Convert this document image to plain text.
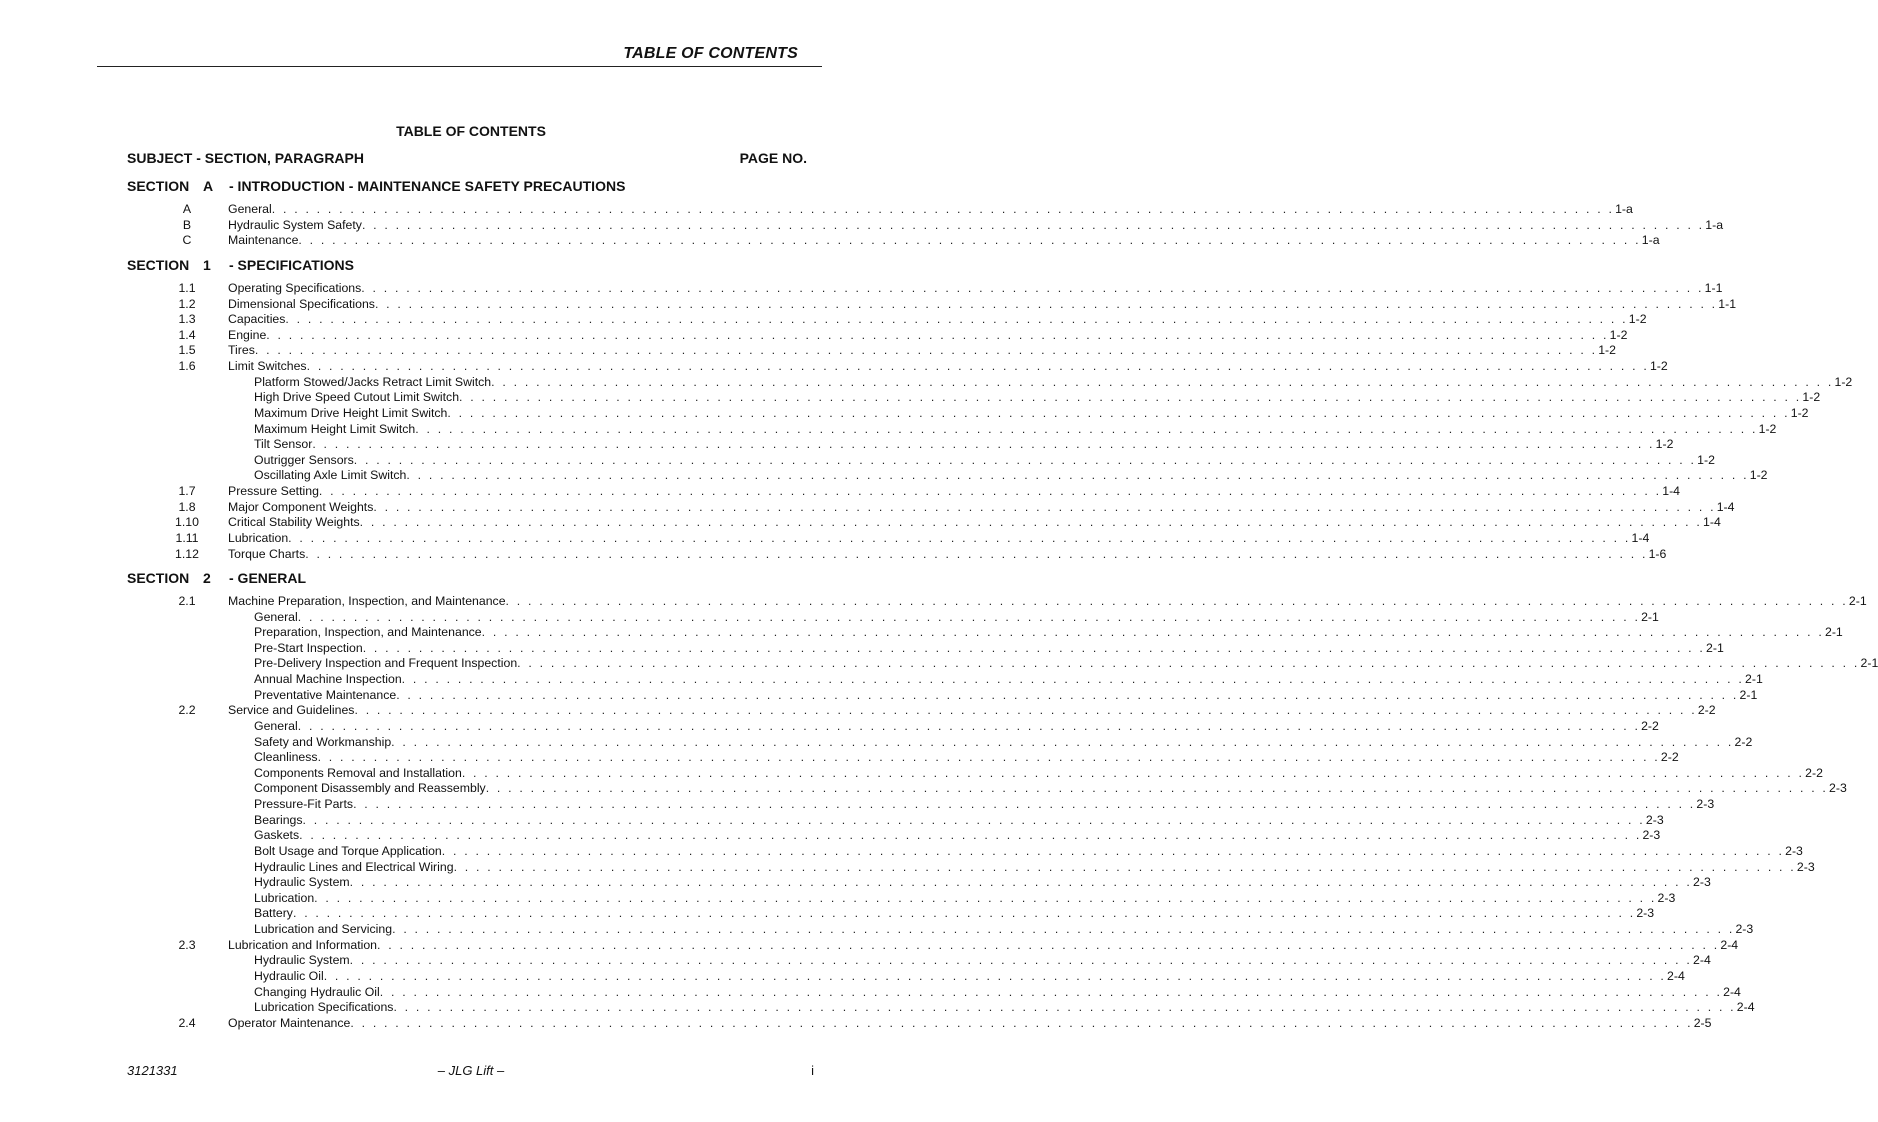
TABLE OF CONTENTS
TABLE OF CONTENTS
SUBJECT - SECTION, PARAGRAPH	PAGE NO.
SECTION A - INTRODUCTION - MAINTENANCE SAFETY PRECAUTIONS
A	General . . . . . . . . . . . . . . . . . . . . . . . . . . . . . . . . . . . . . . . . . . . . . . . . . . . . . . . . . . . . . . . . . . . . . . . . . . . . . . . . . . . . . . . . . . . . . . . . . . . . . . . . . . . . . . . . . . . . . . . . 1-a
B	Hydraulic System Safety . . . . . . . . . . . . . . . . . . . . . . . . . . . . . . . . . . . . . . . . . . . . . . . . . . . . . . . . . . . . . . . . . . . . . . . . . . . . . . . . . . . . . . . . . . . . . . . . . . . . . . . . . . . . . . . . . . . . . . . . 1-a
C	Maintenance . . . . . . . . . . . . . . . . . . . . . . . . . . . . . . . . . . . . . . . . . . . . . . . . . . . . . . . . . . . . . . . . . . . . . . . . . . . . . . . . . . . . . . . . . . . . . . . . . . . . . . . . . . . . . . . . . . . . . . . . 1-a
SECTION 1 - SPECIFICATIONS
1.1	Operating Specifications . . . . . . . . . . . . . . . . . . . . . . . . . . . . . . . . . . . . . . . . . . . . . . . . . . . . . . . . . . . . . . . . . . . . . . . . . . . . . . . . . . . . . . . . . . . . . . . . . . . . . . . . . . . . . . . . . . . . . . . . 1-1
1.2	Dimensional Specifications . . . . . . . . . . . . . . . . . . . . . . . . . . . . . . . . . . . . . . . . . . . . . . . . . . . . . . . . . . . . . . . . . . . . . . . . . . . . . . . . . . . . . . . . . . . . . . . . . . . . . . . . . . . . . . . . . . . . . . . . 1-1
1.3	Capacities . . . . . . . . . . . . . . . . . . . . . . . . . . . . . . . . . . . . . . . . . . . . . . . . . . . . . . . . . . . . . . . . . . . . . . . . . . . . . . . . . . . . . . . . . . . . . . . . . . . . . . . . . . . . . . . . . . . . . . . . 1-2
1.4	Engine . . . . . . . . . . . . . . . . . . . . . . . . . . . . . . . . . . . . . . . . . . . . . . . . . . . . . . . . . . . . . . . . . . . . . . . . . . . . . . . . . . . . . . . . . . . . . . . . . . . . . . . . . . . . . . . . . . . . . . . . 1-2
1.5	Tires . . . . . . . . . . . . . . . . . . . . . . . . . . . . . . . . . . . . . . . . . . . . . . . . . . . . . . . . . . . . . . . . . . . . . . . . . . . . . . . . . . . . . . . . . . . . . . . . . . . . . . . . . . . . . . . . . . . . . . . . 1-2
1.6	Limit Switches . . . . . . . . . . . . . . . . . . . . . . . . . . . . . . . . . . . . . . . . . . . . . . . . . . . . . . . . . . . . . . . . . . . . . . . . . . . . . . . . . . . . . . . . . . . . . . . . . . . . . . . . . . . . . . . . . . . . . . . . 1-2
Platform Stowed/Jacks Retract Limit Switch . . . . . . . . . . . . . . . . . . . . . . . . . . . . . . . . . . . . . . . . . . . . . . . . . . . . . . . . . . . . . . . . . . . . . . . . . . . . . . . . . . . . . . . . . . . . . . . . . . . . . . . . . . . . . . . . . . . . . . . . 1-2
High Drive Speed Cutout Limit Switch . . . . . . . . . . . . . . . . . . . . . . . . . . . . . . . . . . . . . . . . . . . . . . . . . . . . . . . . . . . . . . . . . . . . . . . . . . . . . . . . . . . . . . . . . . . . . . . . . . . . . . . . . . . . . . . . . . . . . . . . 1-2
Maximum Drive Height Limit Switch . . . . . . . . . . . . . . . . . . . . . . . . . . . . . . . . . . . . . . . . . . . . . . . . . . . . . . . . . . . . . . . . . . . . . . . . . . . . . . . . . . . . . . . . . . . . . . . . . . . . . . . . . . . . . . . . . . . . . . . . 1-2
Maximum Height Limit Switch . . . . . . . . . . . . . . . . . . . . . . . . . . . . . . . . . . . . . . . . . . . . . . . . . . . . . . . . . . . . . . . . . . . . . . . . . . . . . . . . . . . . . . . . . . . . . . . . . . . . . . . . . . . . . . . . . . . . . . . . 1-2
Tilt Sensor . . . . . . . . . . . . . . . . . . . . . . . . . . . . . . . . . . . . . . . . . . . . . . . . . . . . . . . . . . . . . . . . . . . . . . . . . . . . . . . . . . . . . . . . . . . . . . . . . . . . . . . . . . . . . . . . . . . . . . . . 1-2
Outrigger Sensors . . . . . . . . . . . . . . . . . . . . . . . . . . . . . . . . . . . . . . . . . . . . . . . . . . . . . . . . . . . . . . . . . . . . . . . . . . . . . . . . . . . . . . . . . . . . . . . . . . . . . . . . . . . . . . . . . . . . . . . . 1-2
Oscillating Axle Limit Switch . . . . . . . . . . . . . . . . . . . . . . . . . . . . . . . . . . . . . . . . . . . . . . . . . . . . . . . . . . . . . . . . . . . . . . . . . . . . . . . . . . . . . . . . . . . . . . . . . . . . . . . . . . . . . . . . . . . . . . . . 1-2
1.7	Pressure Setting . . . . . . . . . . . . . . . . . . . . . . . . . . . . . . . . . . . . . . . . . . . . . . . . . . . . . . . . . . . . . . . . . . . . . . . . . . . . . . . . . . . . . . . . . . . . . . . . . . . . . . . . . . . . . . . . . . . . . . . . 1-4
1.8	Major Component Weights . . . . . . . . . . . . . . . . . . . . . . . . . . . . . . . . . . . . . . . . . . . . . . . . . . . . . . . . . . . . . . . . . . . . . . . . . . . . . . . . . . . . . . . . . . . . . . . . . . . . . . . . . . . . . . . . . . . . . . . . 1-4
1.10	Critical Stability Weights . . . . . . . . . . . . . . . . . . . . . . . . . . . . . . . . . . . . . . . . . . . . . . . . . . . . . . . . . . . . . . . . . . . . . . . . . . . . . . . . . . . . . . . . . . . . . . . . . . . . . . . . . . . . . . . . . . . . . . . . 1-4
1.11	Lubrication . . . . . . . . . . . . . . . . . . . . . . . . . . . . . . . . . . . . . . . . . . . . . . . . . . . . . . . . . . . . . . . . . . . . . . . . . . . . . . . . . . . . . . . . . . . . . . . . . . . . . . . . . . . . . . . . . . . . . . . . 1-4
1.12	Torque Charts . . . . . . . . . . . . . . . . . . . . . . . . . . . . . . . . . . . . . . . . . . . . . . . . . . . . . . . . . . . . . . . . . . . . . . . . . . . . . . . . . . . . . . . . . . . . . . . . . . . . . . . . . . . . . . . . . . . . . . . . 1-6
SECTION 2 - GENERAL
2.1	Machine Preparation, Inspection, and Maintenance . . . . . . . . . . . . . . . . . . . . . . . . . . . . . . . . . . . . . . . . . . . . . . . . . . . . . . . . . . . . . . . . . . . . . . . . . . . . . . . . . . . . . . . . . . . . . . . . . . . . . . . . . . . . . . . . . . . . . . . . 2-1
General . . . . . . . . . . . . . . . . . . . . . . . . . . . . . . . . . . . . . . . . . . . . . . . . . . . . . . . . . . . . . . . . . . . . . . . . . . . . . . . . . . . . . . . . . . . . . . . . . . . . . . . . . . . . . . . . . . . . . . . . 2-1
Preparation, Inspection, and Maintenance . . . . . . . . . . . . . . . . . . . . . . . . . . . . . . . . . . . . . . . . . . . . . . . . . . . . . . . . . . . . . . . . . . . . . . . . . . . . . . . . . . . . . . . . . . . . . . . . . . . . . . . . . . . . . . . . . . . . . . . . 2-1
Pre-Start Inspection . . . . . . . . . . . . . . . . . . . . . . . . . . . . . . . . . . . . . . . . . . . . . . . . . . . . . . . . . . . . . . . . . . . . . . . . . . . . . . . . . . . . . . . . . . . . . . . . . . . . . . . . . . . . . . . . . . . . . . . . 2-1
Pre-Delivery Inspection and Frequent Inspection . . . . . . . . . . . . . . . . . . . . . . . . . . . . . . . . . . . . . . . . . . . . . . . . . . . . . . . . . . . . . . . . . . . . . . . . . . . . . . . . . . . . . . . . . . . . . . . . . . . . . . . . . . . . . . . . . . . . . . . . 2-1
Annual Machine Inspection . . . . . . . . . . . . . . . . . . . . . . . . . . . . . . . . . . . . . . . . . . . . . . . . . . . . . . . . . . . . . . . . . . . . . . . . . . . . . . . . . . . . . . . . . . . . . . . . . . . . . . . . . . . . . . . . . . . . . . . . 2-1
Preventative Maintenance . . . . . . . . . . . . . . . . . . . . . . . . . . . . . . . . . . . . . . . . . . . . . . . . . . . . . . . . . . . . . . . . . . . . . . . . . . . . . . . . . . . . . . . . . . . . . . . . . . . . . . . . . . . . . . . . . . . . . . . . 2-1
2.2	Service and Guidelines . . . . . . . . . . . . . . . . . . . . . . . . . . . . . . . . . . . . . . . . . . . . . . . . . . . . . . . . . . . . . . . . . . . . . . . . . . . . . . . . . . . . . . . . . . . . . . . . . . . . . . . . . . . . . . . . . . . . . . . . 2-2
General . . . . . . . . . . . . . . . . . . . . . . . . . . . . . . . . . . . . . . . . . . . . . . . . . . . . . . . . . . . . . . . . . . . . . . . . . . . . . . . . . . . . . . . . . . . . . . . . . . . . . . . . . . . . . . . . . . . . . . . . 2-2
Safety and Workmanship . . . . . . . . . . . . . . . . . . . . . . . . . . . . . . . . . . . . . . . . . . . . . . . . . . . . . . . . . . . . . . . . . . . . . . . . . . . . . . . . . . . . . . . . . . . . . . . . . . . . . . . . . . . . . . . . . . . . . . . . 2-2
Cleanliness . . . . . . . . . . . . . . . . . . . . . . . . . . . . . . . . . . . . . . . . . . . . . . . . . . . . . . . . . . . . . . . . . . . . . . . . . . . . . . . . . . . . . . . . . . . . . . . . . . . . . . . . . . . . . . . . . . . . . . . . 2-2
Components Removal and Installation . . . . . . . . . . . . . . . . . . . . . . . . . . . . . . . . . . . . . . . . . . . . . . . . . . . . . . . . . . . . . . . . . . . . . . . . . . . . . . . . . . . . . . . . . . . . . . . . . . . . . . . . . . . . . . . . . . . . . . . . 2-2
Component Disassembly and Reassembly . . . . . . . . . . . . . . . . . . . . . . . . . . . . . . . . . . . . . . . . . . . . . . . . . . . . . . . . . . . . . . . . . . . . . . . . . . . . . . . . . . . . . . . . . . . . . . . . . . . . . . . . . . . . . . . . . . . . . . . . 2-3
Pressure-Fit Parts . . . . . . . . . . . . . . . . . . . . . . . . . . . . . . . . . . . . . . . . . . . . . . . . . . . . . . . . . . . . . . . . . . . . . . . . . . . . . . . . . . . . . . . . . . . . . . . . . . . . . . . . . . . . . . . . . . . . . . . . 2-3
Bearings . . . . . . . . . . . . . . . . . . . . . . . . . . . . . . . . . . . . . . . . . . . . . . . . . . . . . . . . . . . . . . . . . . . . . . . . . . . . . . . . . . . . . . . . . . . . . . . . . . . . . . . . . . . . . . . . . . . . . . . . 2-3
Gaskets . . . . . . . . . . . . . . . . . . . . . . . . . . . . . . . . . . . . . . . . . . . . . . . . . . . . . . . . . . . . . . . . . . . . . . . . . . . . . . . . . . . . . . . . . . . . . . . . . . . . . . . . . . . . . . . . . . . . . . . . 2-3
Bolt Usage and Torque Application . . . . . . . . . . . . . . . . . . . . . . . . . . . . . . . . . . . . . . . . . . . . . . . . . . . . . . . . . . . . . . . . . . . . . . . . . . . . . . . . . . . . . . . . . . . . . . . . . . . . . . . . . . . . . . . . . . . . . . . . 2-3
Hydraulic Lines and Electrical Wiring . . . . . . . . . . . . . . . . . . . . . . . . . . . . . . . . . . . . . . . . . . . . . . . . . . . . . . . . . . . . . . . . . . . . . . . . . . . . . . . . . . . . . . . . . . . . . . . . . . . . . . . . . . . . . . . . . . . . . . . . 2-3
Hydraulic System . . . . . . . . . . . . . . . . . . . . . . . . . . . . . . . . . . . . . . . . . . . . . . . . . . . . . . . . . . . . . . . . . . . . . . . . . . . . . . . . . . . . . . . . . . . . . . . . . . . . . . . . . . . . . . . . . . . . . . . . 2-3
Lubrication . . . . . . . . . . . . . . . . . . . . . . . . . . . . . . . . . . . . . . . . . . . . . . . . . . . . . . . . . . . . . . . . . . . . . . . . . . . . . . . . . . . . . . . . . . . . . . . . . . . . . . . . . . . . . . . . . . . . . . . . 2-3
Battery . . . . . . . . . . . . . . . . . . . . . . . . . . . . . . . . . . . . . . . . . . . . . . . . . . . . . . . . . . . . . . . . . . . . . . . . . . . . . . . . . . . . . . . . . . . . . . . . . . . . . . . . . . . . . . . . . . . . . . . . 2-3
Lubrication and Servicing . . . . . . . . . . . . . . . . . . . . . . . . . . . . . . . . . . . . . . . . . . . . . . . . . . . . . . . . . . . . . . . . . . . . . . . . . . . . . . . . . . . . . . . . . . . . . . . . . . . . . . . . . . . . . . . . . . . . . . . . 2-3
2.3	Lubrication and Information . . . . . . . . . . . . . . . . . . . . . . . . . . . . . . . . . . . . . . . . . . . . . . . . . . . . . . . . . . . . . . . . . . . . . . . . . . . . . . . . . . . . . . . . . . . . . . . . . . . . . . . . . . . . . . . . . . . . . . . . 2-4
Hydraulic System . . . . . . . . . . . . . . . . . . . . . . . . . . . . . . . . . . . . . . . . . . . . . . . . . . . . . . . . . . . . . . . . . . . . . . . . . . . . . . . . . . . . . . . . . . . . . . . . . . . . . . . . . . . . . . . . . . . . . . . . 2-4
Hydraulic Oil . . . . . . . . . . . . . . . . . . . . . . . . . . . . . . . . . . . . . . . . . . . . . . . . . . . . . . . . . . . . . . . . . . . . . . . . . . . . . . . . . . . . . . . . . . . . . . . . . . . . . . . . . . . . . . . . . . . . . . . . 2-4
Changing Hydraulic Oil . . . . . . . . . . . . . . . . . . . . . . . . . . . . . . . . . . . . . . . . . . . . . . . . . . . . . . . . . . . . . . . . . . . . . . . . . . . . . . . . . . . . . . . . . . . . . . . . . . . . . . . . . . . . . . . . . . . . . . . . 2-4
Lubrication Specifications . . . . . . . . . . . . . . . . . . . . . . . . . . . . . . . . . . . . . . . . . . . . . . . . . . . . . . . . . . . . . . . . . . . . . . . . . . . . . . . . . . . . . . . . . . . . . . . . . . . . . . . . . . . . . . . . . . . . . . . . 2-4
2.4	Operator Maintenance . . . . . . . . . . . . . . . . . . . . . . . . . . . . . . . . . . . . . . . . . . . . . . . . . . . . . . . . . . . . . . . . . . . . . . . . . . . . . . . . . . . . . . . . . . . . . . . . . . . . . . . . . . . . . . . . . . . . . . . . 2-5
3121331	– JLG Lift –	i
